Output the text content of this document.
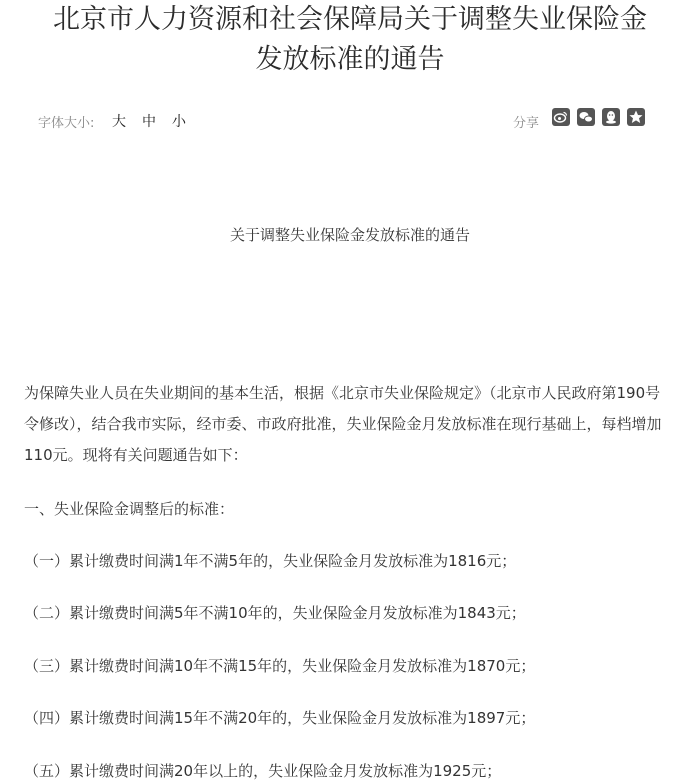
北京市人力资源和社会保障局关于调整失业保险金
发放标准的通告
字体大小: 大 中 小	分享
关于调整失业保险金发放标准的通告

为保障失业人员在失业期间的基本生活，根据《北京市失业保险规定》（北京市人民政府第190号令修改），结合我市实际，经市委、市政府批准，失业保险金月发放标准在现行基础上，每档增加110元。现将有关问题通告如下：

一、失业保险金调整后的标准：

（一）累计缴费时间满1年不满5年的，失业保险金月发放标准为1816元；

（二）累计缴费时间满5年不满10年的，失业保险金月发放标准为1843元；

（三）累计缴费时间满10年不满15年的，失业保险金月发放标准为1870元；

（四）累计缴费时间满15年不满20年的，失业保险金月发放标准为1897元；

（五）累计缴费时间满20年以上的，失业保险金月发放标准为1925元；
